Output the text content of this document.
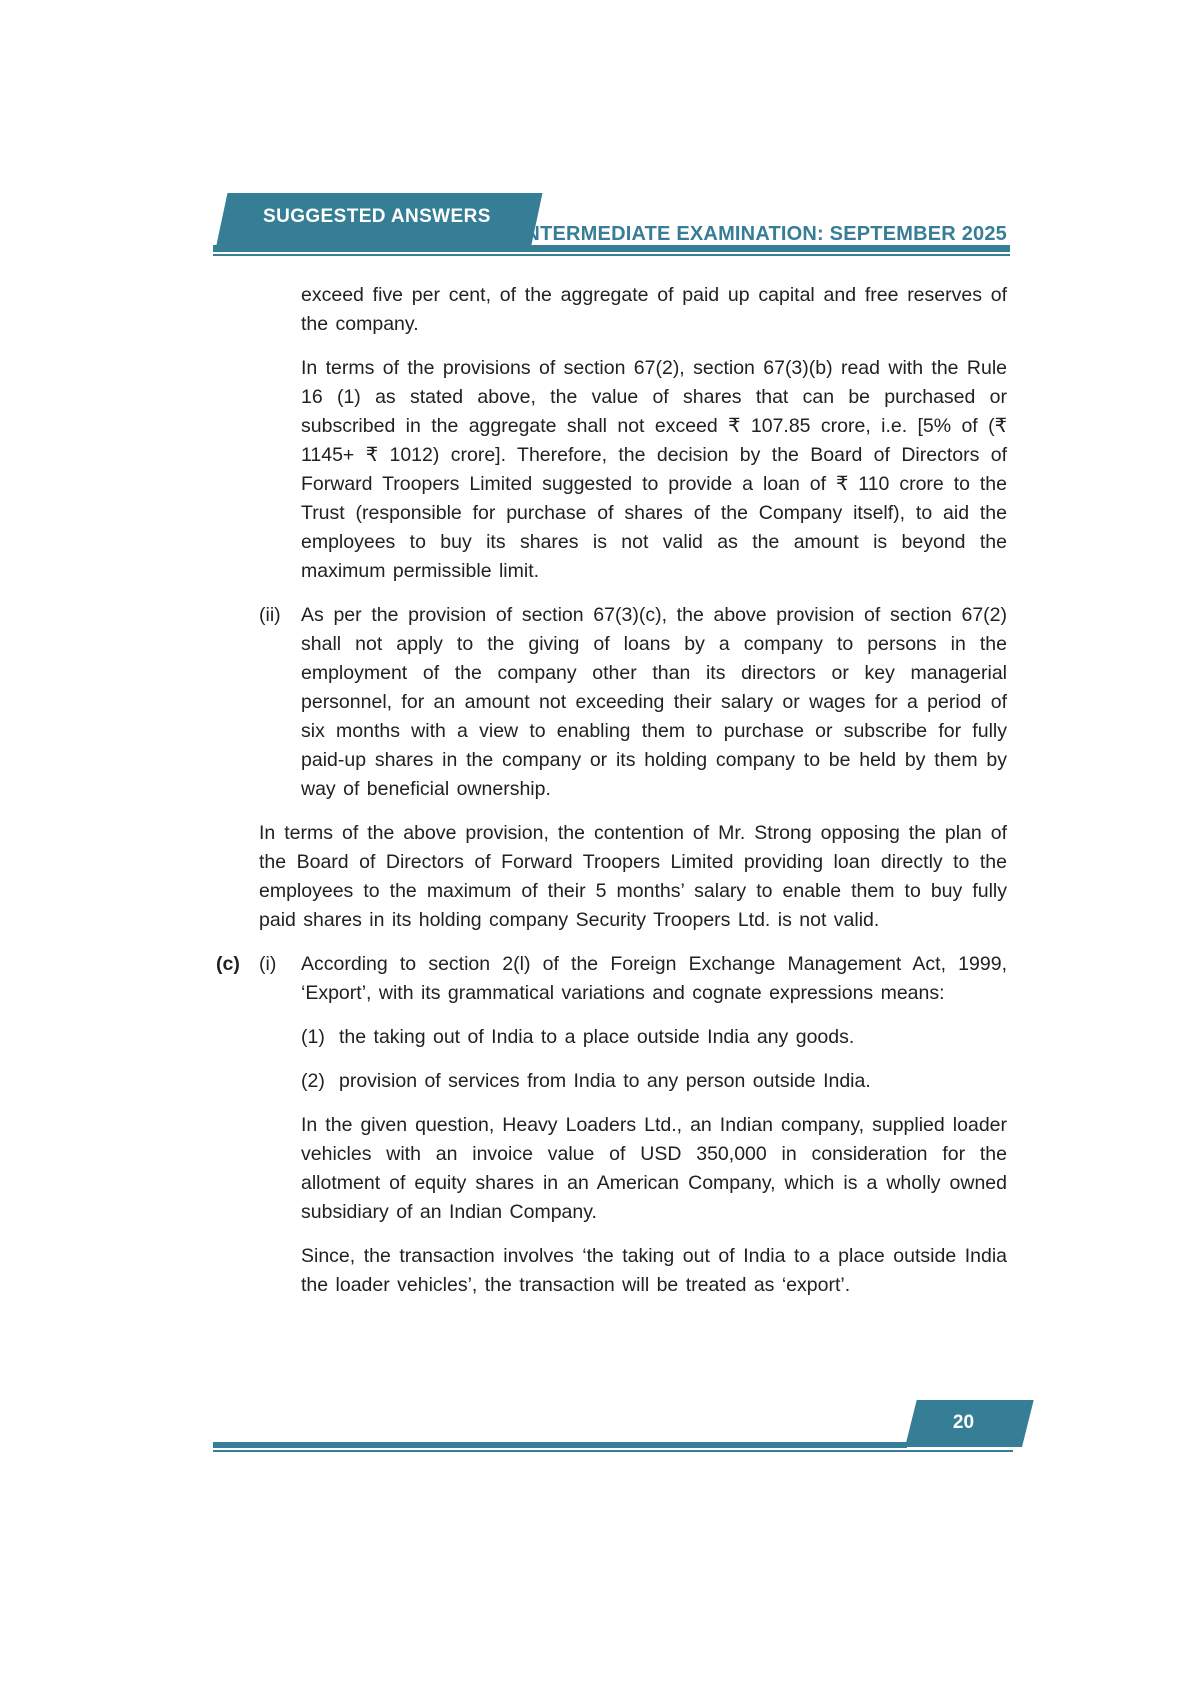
SUGGESTED ANSWERS
INTERMEDIATE EXAMINATION: SEPTEMBER 2025

exceed five per cent, of the aggregate of paid up capital and free reserves of the company.

In terms of the provisions of section 67(2), section 67(3)(b) read with the Rule 16 (1) as stated above, the value of shares that can be purchased or subscribed in the aggregate shall not exceed ₹ 107.85 crore, i.e. [5% of (₹ 1145+ ₹ 1012) crore]. Therefore, the decision by the Board of Directors of Forward Troopers Limited suggested to provide a loan of ₹ 110 crore to the Trust (responsible for purchase of shares of the Company itself), to aid the employees to buy its shares is not valid as the amount is beyond the maximum permissible limit.

(ii) As per the provision of section 67(3)(c), the above provision of section 67(2) shall not apply to the giving of loans by a company to persons in the employment of the company other than its directors or key managerial personnel, for an amount not exceeding their salary or wages for a period of six months with a view to enabling them to purchase or subscribe for fully paid-up shares in the company or its holding company to be held by them by way of beneficial ownership.

In terms of the above provision, the contention of Mr. Strong opposing the plan of the Board of Directors of Forward Troopers Limited providing loan directly to the employees to the maximum of their 5 months’ salary to enable them to buy fully paid shares in its holding company Security Troopers Ltd. is not valid.

(c) (i) According to section 2(l) of the Foreign Exchange Management Act, 1999, ‘Export’, with its grammatical variations and cognate expressions means:
(1) the taking out of India to a place outside India any goods.
(2) provision of services from India to any person outside India.

In the given question, Heavy Loaders Ltd., an Indian company, supplied loader vehicles with an invoice value of USD 350,000 in consideration for the allotment of equity shares in an American Company, which is a wholly owned subsidiary of an Indian Company.

Since, the transaction involves ‘the taking out of India to a place outside India the loader vehicles’, the transaction will be treated as ‘export’.

20
